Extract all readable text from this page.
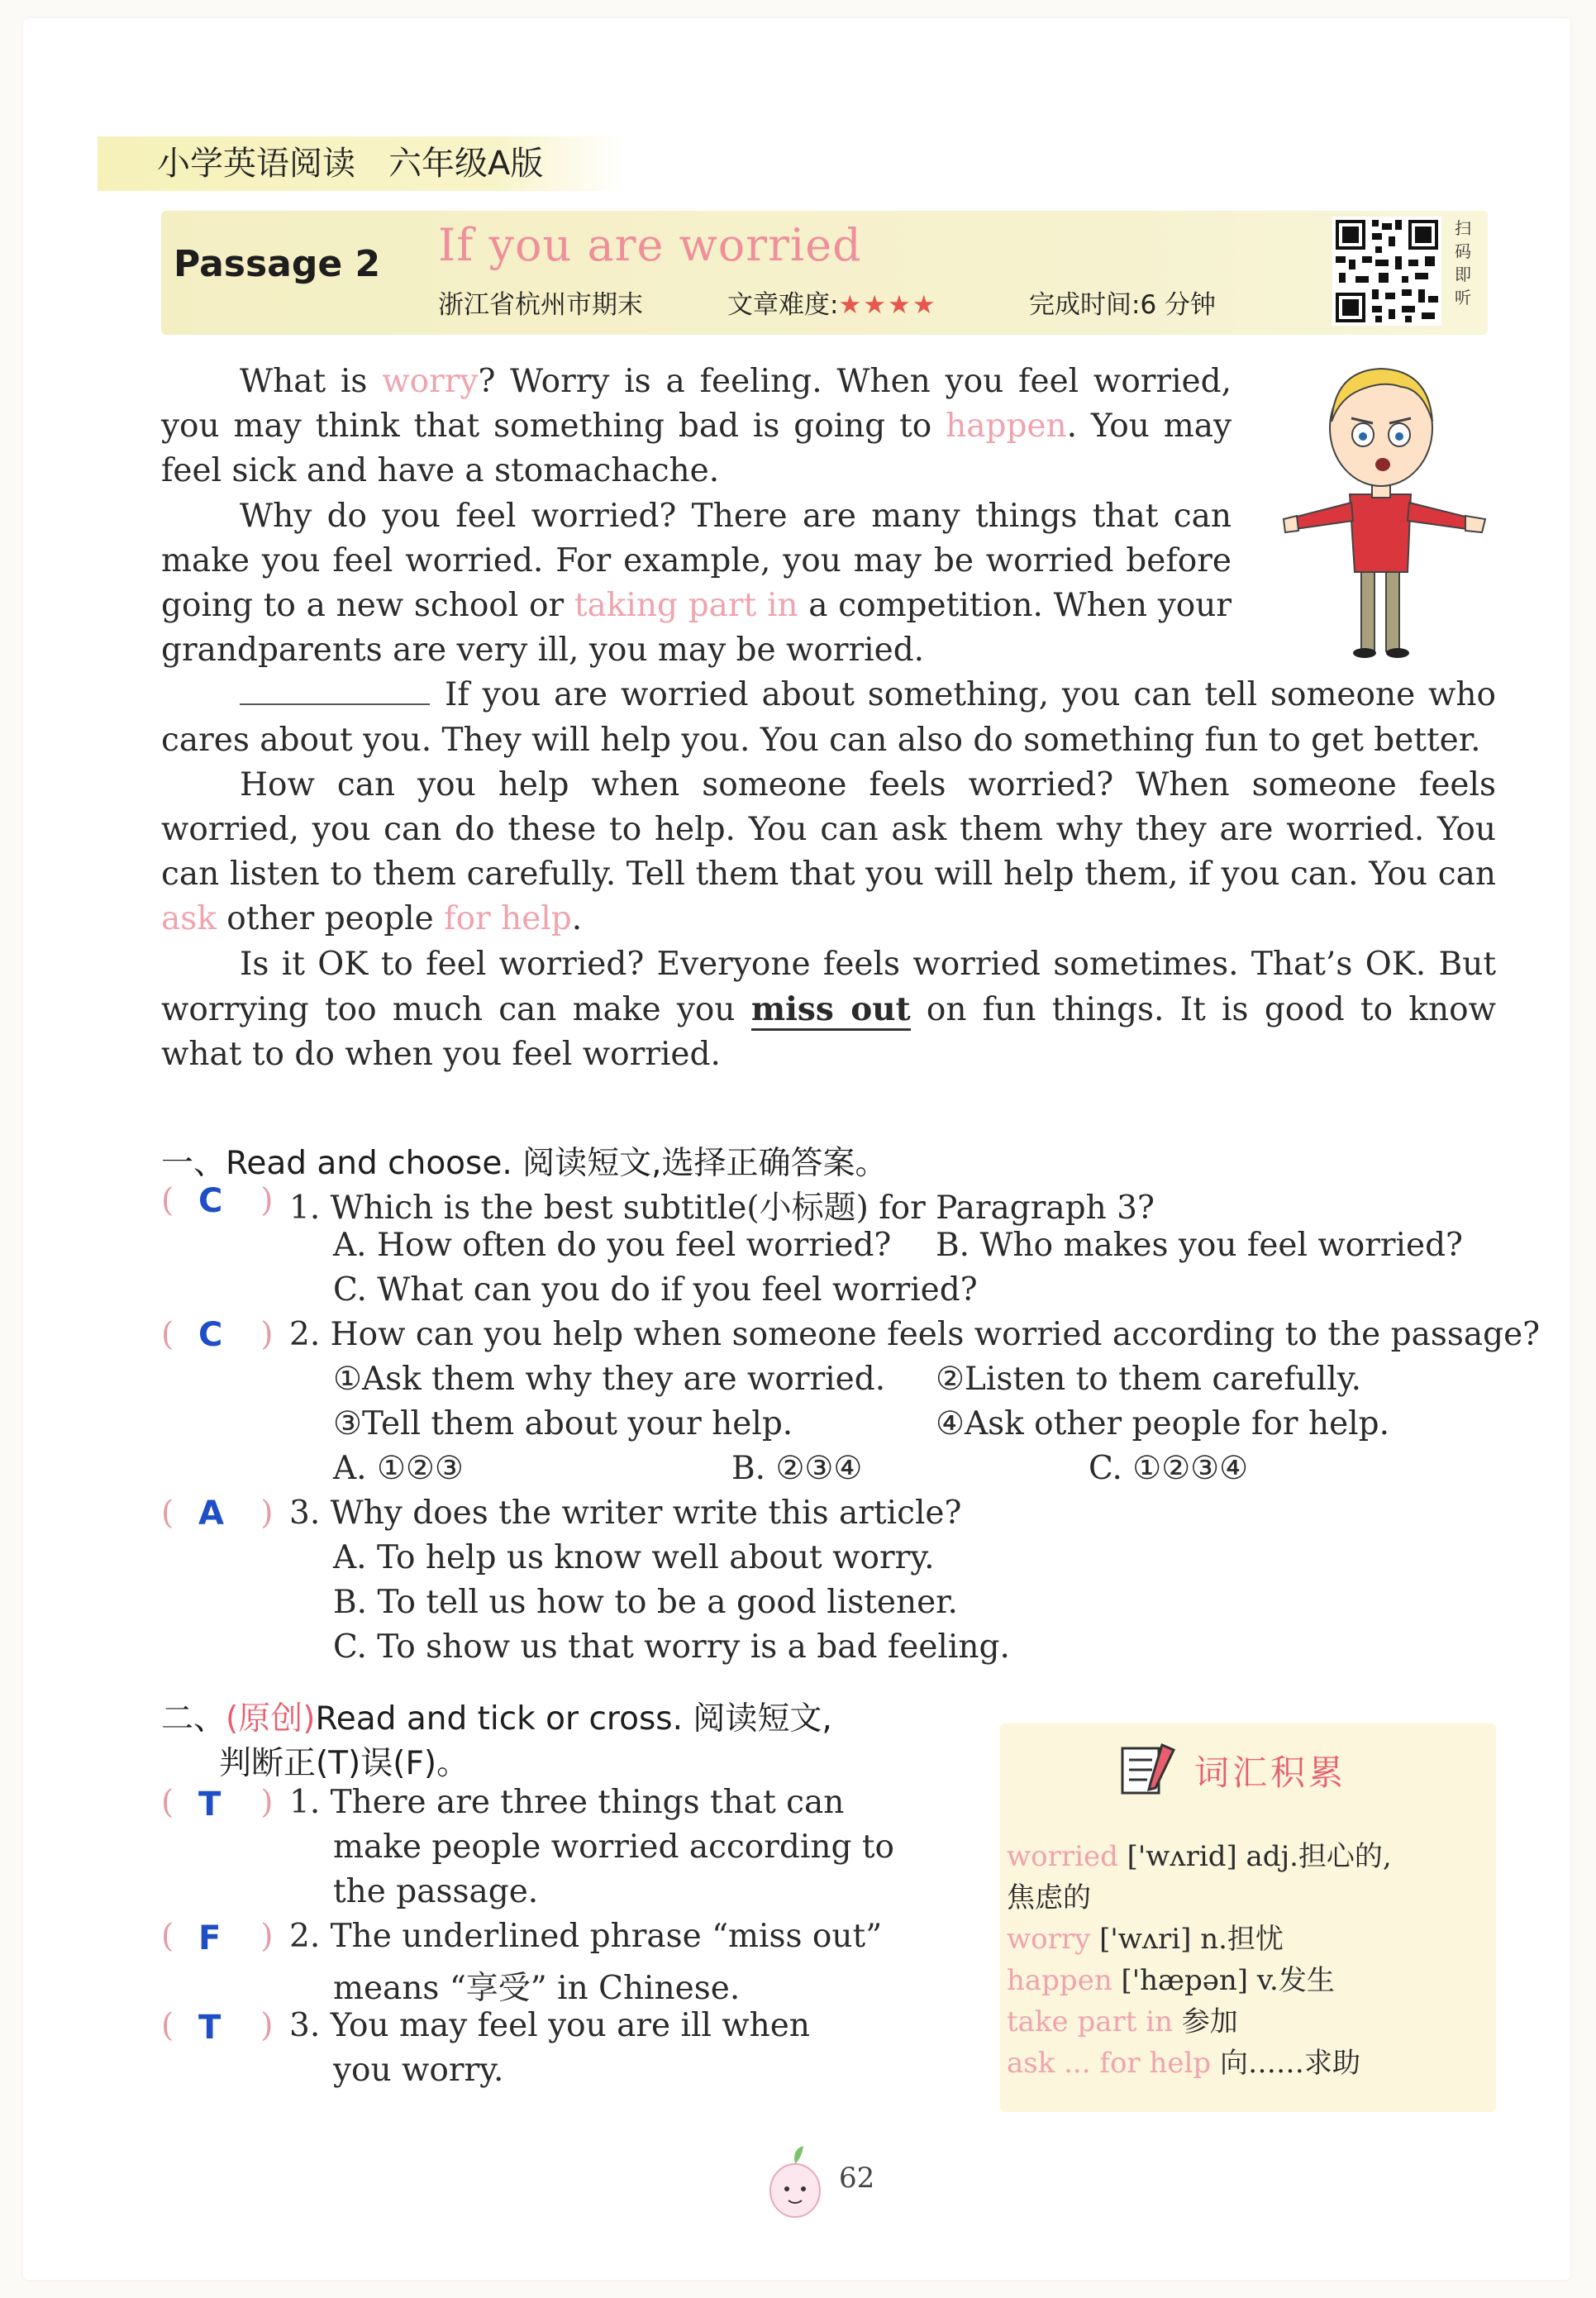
小学英语阅读　六年级A版
Passage 2 If you are worried
浙江省杭州市期末	文章难度:★★★★	完成时间:6 分钟
扫码即听

What is worry? Worry is a feeling. When you feel worried, you may think that something bad is going to happen. You may feel sick and have a stomachache.

Why do you feel worried? There are many things that can make you feel worried. For example, you may be worried before going to a new school or taking part in a competition. When your grandparents are very ill, you may be worried.

If you are worried about something, you can tell someone who cares about you. They will help you. You can also do something fun to get better.

How can you help when someone feels worried? When someone feels worried, you can do these to help. You can ask them why they are worried. You can listen to them carefully. Tell them that you will help them, if you can. You can ask other people for help.

Is it OK to feel worried? Everyone feels worried sometimes. That’s OK. But worrying too much can make you miss out on fun things. It is good to know what to do when you feel worried.

一、Read and choose. 阅读短文,选择正确答案。
(	)
C 1. Which is the best subtitle(小标题) for Paragraph 3?
A. How often do you feel worried? B. Who makes you feel worried?
C. What can you do if you feel worried?
(	)
C 2. How can you help when someone feels worried according to the passage?
①Ask them why they are worried. ②Listen to them carefully.
③Tell them about your help.	④Ask other people for help.
A. ①②③	B. ②③④	C. ①②③④
(	)
A 3. Why does the writer write this article?
A. To help us know well about worry.
B. To tell us how to be a good listener.
C. To show us that worry is a bad feeling.
二、(原创)Read and tick or cross. 阅读短文,
判断正(T)误(F)。
(	)
T 1. There are three things that can
make people worried according to
the passage.
(	)
F 2. The underlined phrase “miss out”
means “享受” in Chinese.
(	)
T 3. You may feel you are ill when
you worry.
词汇积累
worried ['wʌrid] adj.担心的,
焦虑的
worry ['wʌri] n.担忧
happen ['hæpən] v.发生
take part in 参加
ask ... for help 向……求助
62
